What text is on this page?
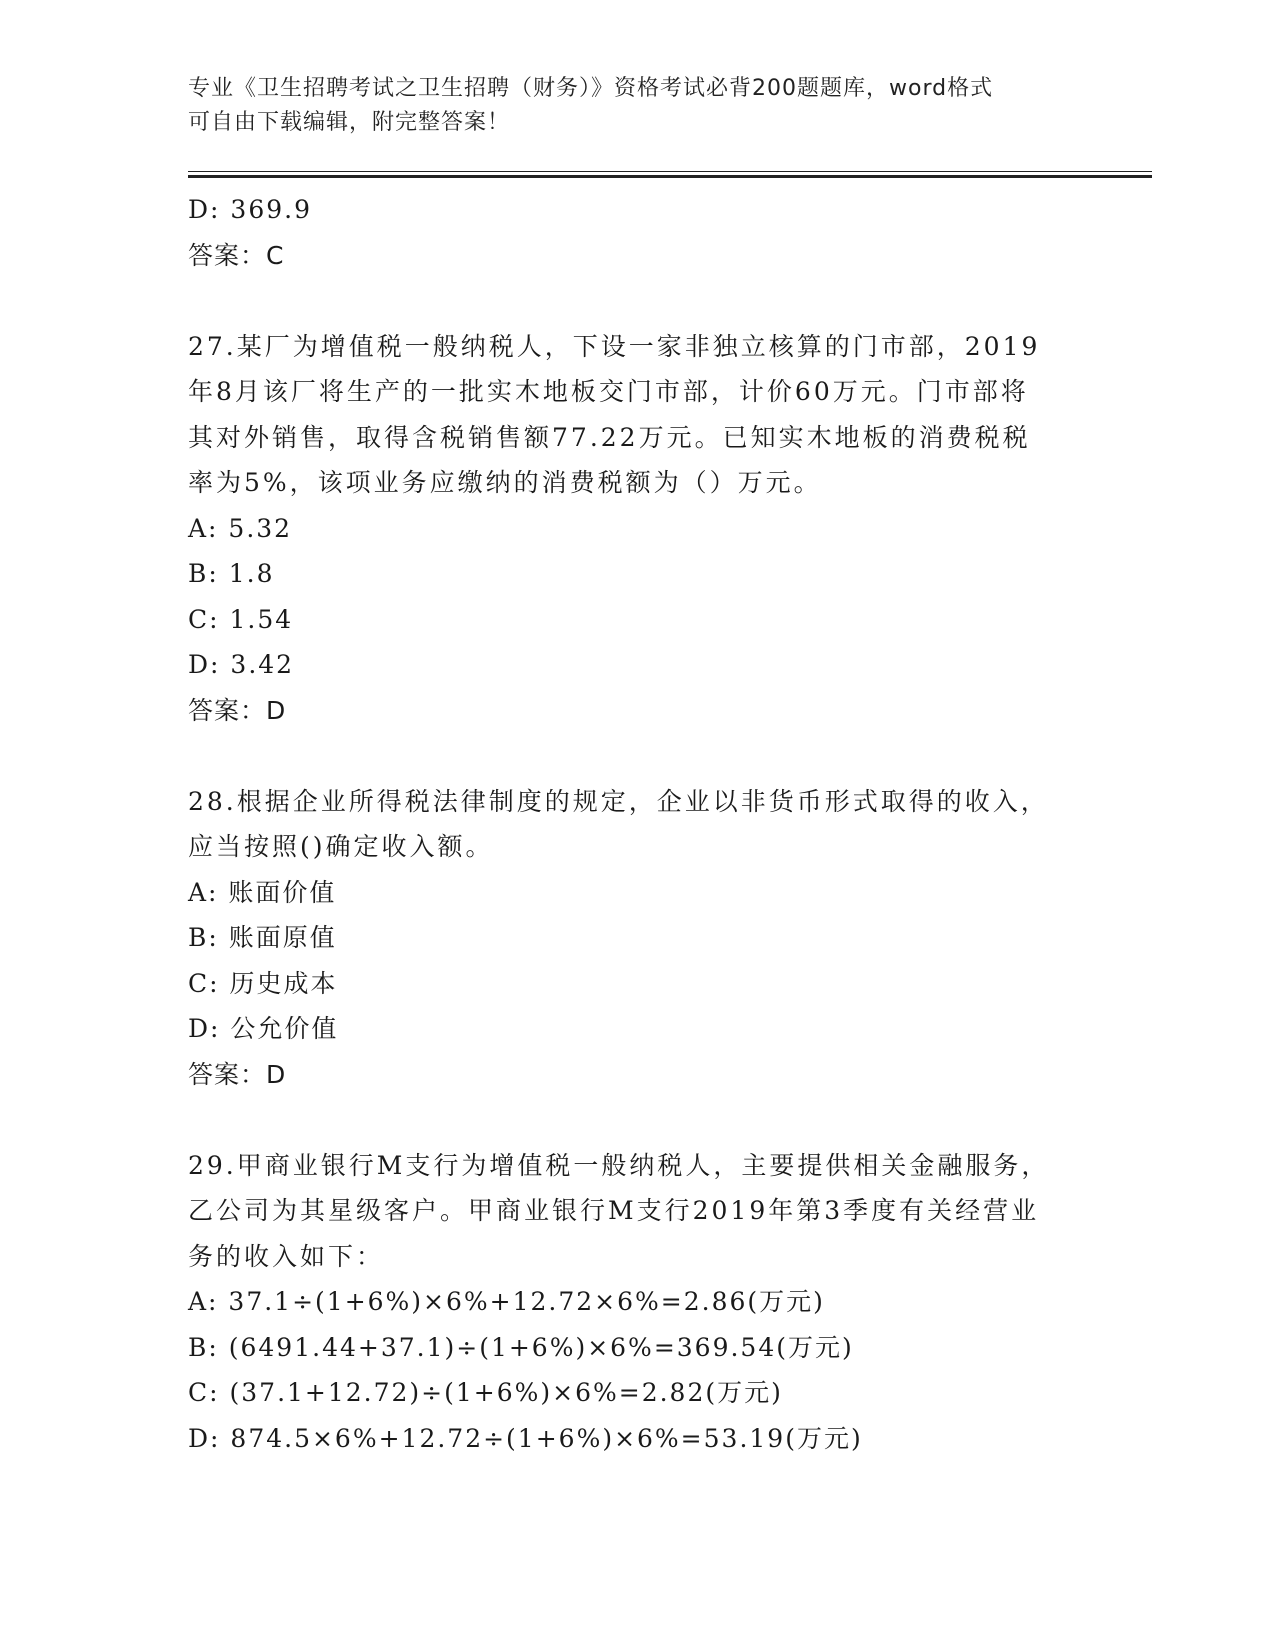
专业《卫生招聘考试之卫生招聘（财务）》资格考试必背200题题库，word格式
可自由下载编辑，附完整答案！
D: 369.9
答案：C
27.某厂为增值税一般纳税人，下设一家非独立核算的门市部，2019
年8月该厂将生产的一批实木地板交门市部，计价60万元。门市部将
其对外销售，取得含税销售额77.22万元。已知实木地板的消费税税
率为5%，该项业务应缴纳的消费税额为（）万元。
A: 5.32
B: 1.8
C: 1.54
D: 3.42
答案：D
28.根据企业所得税法律制度的规定，企业以非货币形式取得的收入，
应当按照()确定收入额。
A: 账面价值
B: 账面原值
C: 历史成本
D: 公允价值
答案：D
29.甲商业银行M支行为增值税一般纳税人，主要提供相关金融服务，
乙公司为其星级客户。甲商业银行M支行2019年第3季度有关经营业
务的收入如下：
A: 37.1÷(1+6%)×6%+12.72×6%=2.86(万元)
B: (6491.44+37.1)÷(1+6%)×6%=369.54(万元)
C: (37.1+12.72)÷(1+6%)×6%=2.82(万元)
D: 874.5×6%+12.72÷(1+6%)×6%=53.19(万元)
